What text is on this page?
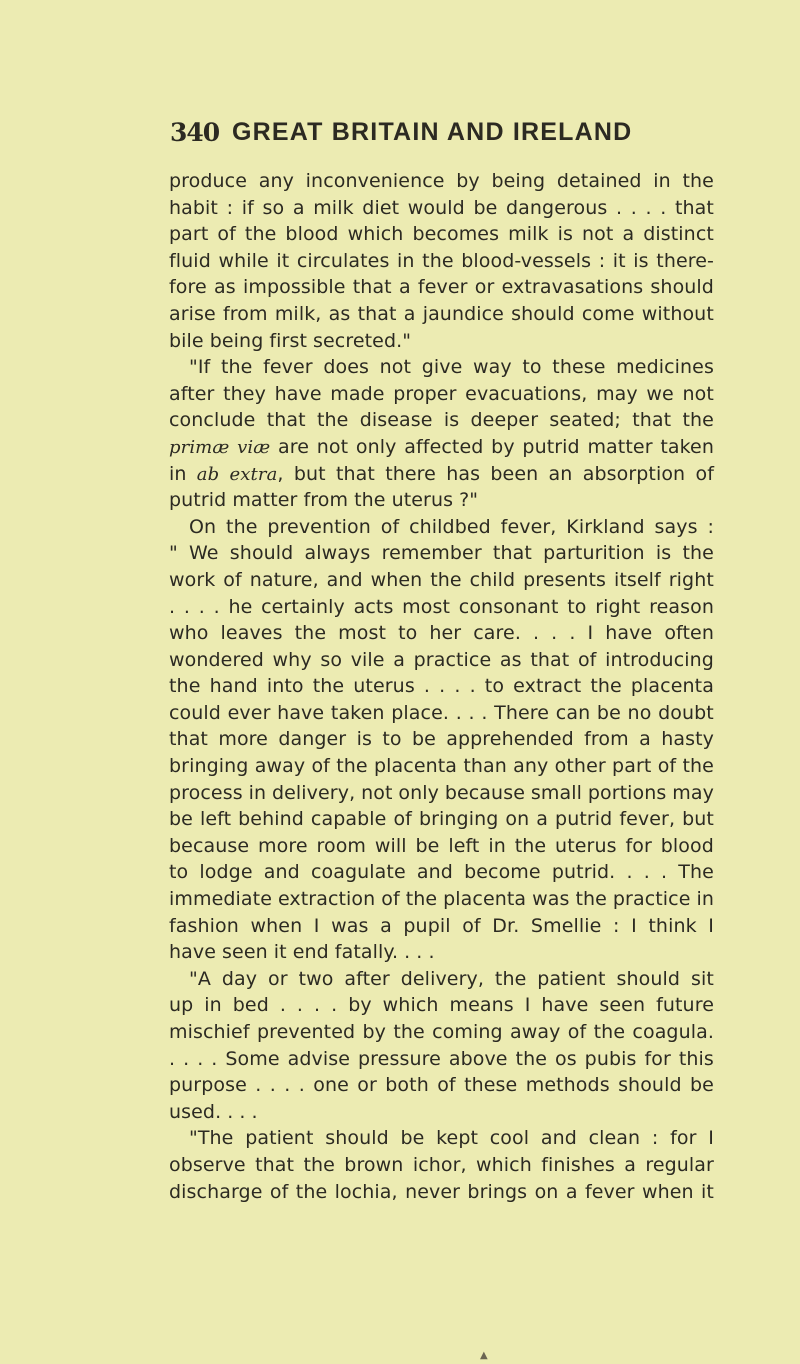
340 GREAT BRITAIN AND IRELAND
produce any inconvenience by being detained in the
habit : if so a milk diet would be dangerous . . . . that
part of the blood which becomes milk is not a distinct
fluid while it circulates in the blood-vessels : it is there-
fore as impossible that a fever or extravasations should
arise from milk, as that a jaundice should come without
bile being first secreted."
"If the fever does not give way to these medicines
after they have made proper evacuations, may we not
conclude that the disease is deeper seated; that the
primæ viæ are not only affected by putrid matter taken
in ab extra, but that there has been an absorption of
putrid matter from the uterus ?"
On the prevention of childbed fever, Kirkland says :
" We should always remember that parturition is the
work of nature, and when the child presents itself right
. . . . he certainly acts most consonant to right reason
who leaves the most to her care. . . . I have often
wondered why so vile a practice as that of introducing
the hand into the uterus . . . . to extract the placenta
could ever have taken place. . . . There can be no doubt
that more danger is to be apprehended from a hasty
bringing away of the placenta than any other part of the
process in delivery, not only because small portions may
be left behind capable of bringing on a putrid fever, but
because more room will be left in the uterus for blood
to lodge and coagulate and become putrid. . . . The
immediate extraction of the placenta was the practice in
fashion when I was a pupil of Dr. Smellie : I think I
have seen it end fatally. . . .
"A day or two after delivery, the patient should sit
up in bed . . . . by which means I have seen future
mischief prevented by the coming away of the coagula.
. . . . Some advise pressure above the os pubis for this
purpose . . . . one or both of these methods should be
used. . . .
"The patient should be kept cool and clean : for I
observe that the brown ichor, which finishes a regular
discharge of the lochia, never brings on a fever when it
▲
